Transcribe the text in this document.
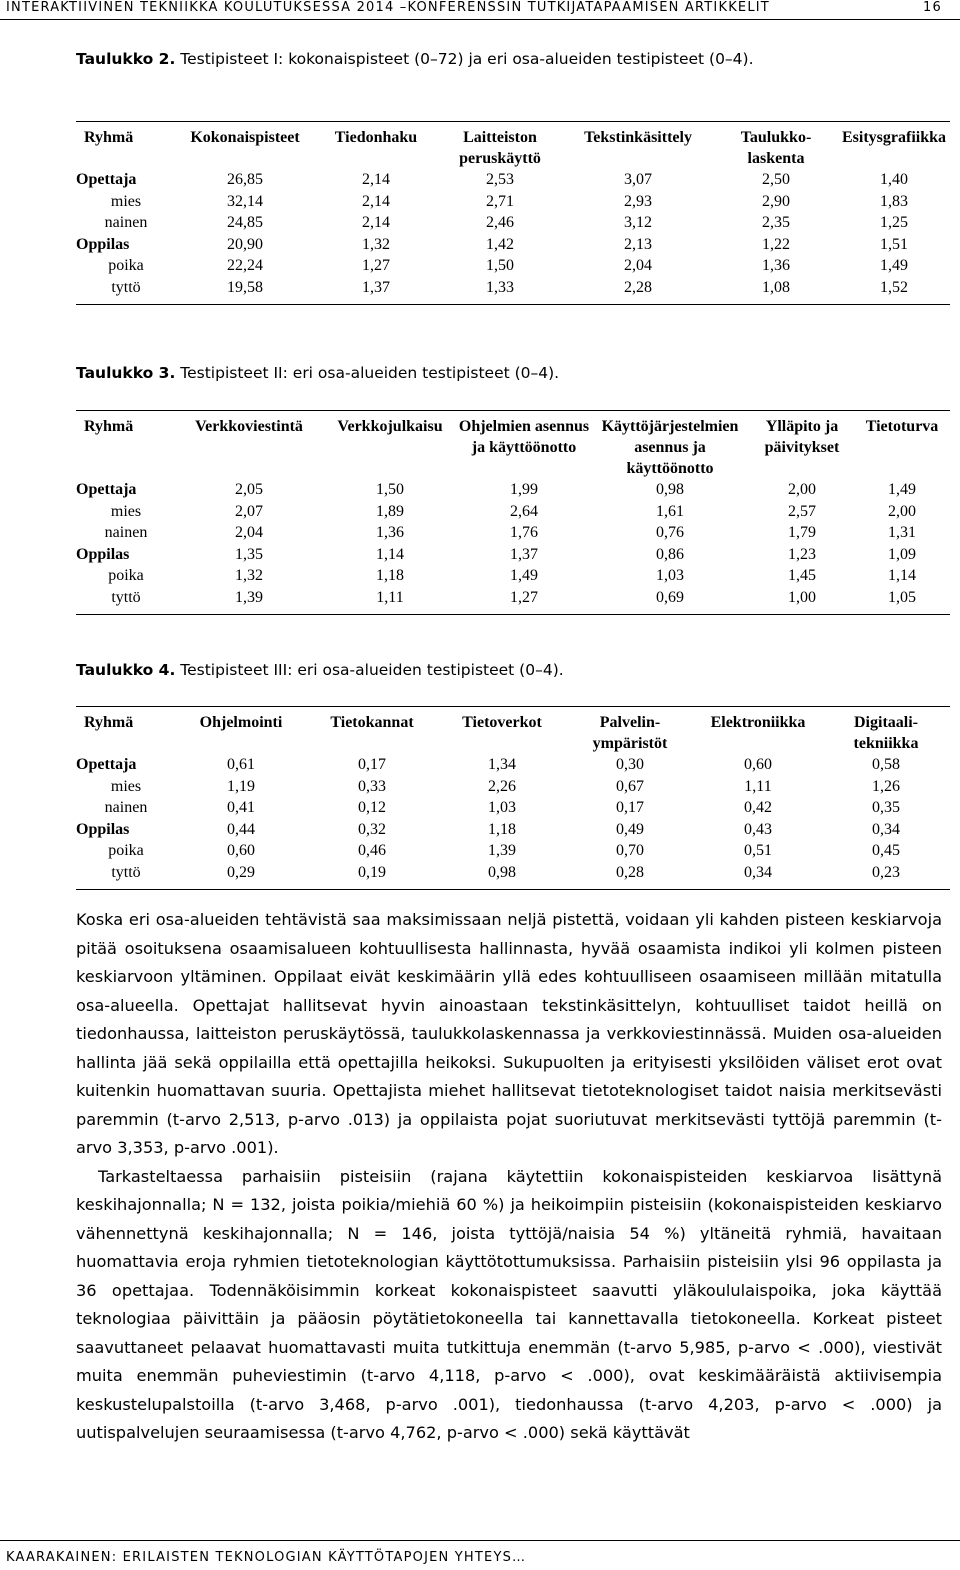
INTERAKTIIVINEN TEKNIIKKA KOULUTUKSESSA 2014 –KONFERENSSIN TUTKIJATAPAAMISEN ARTIKKELIT	16
Taulukko 2. Testipisteet I: kokonaispisteet (0–72) ja eri osa-alueiden testipisteet (0–4).
Ryhmä	Kokonaispisteet	Tiedonhaku	Laitteiston peruskäyttö	Tekstinkäsittely	Taulukko-laskenta	Esitysgrafiikka
Opettaja	26,85	2,14	2,53	3,07	2,50	1,40
mies	32,14	2,14	2,71	2,93	2,90	1,83
nainen	24,85	2,14	2,46	3,12	2,35	1,25
Oppilas	20,90	1,32	1,42	2,13	1,22	1,51
poika	22,24	1,27	1,50	2,04	1,36	1,49
tyttö	19,58	1,37	1,33	2,28	1,08	1,52
Taulukko 3. Testipisteet II: eri osa-alueiden testipisteet (0–4).
Ryhmä	Verkkoviestintä	Verkkojulkaisu	Ohjelmien asennus ja käyttöönotto	Käyttöjärjestelmien asennus ja käyttöönotto	Ylläpito ja päivitykset	Tietoturva
Opettaja	2,05	1,50	1,99	0,98	2,00	1,49
mies	2,07	1,89	2,64	1,61	2,57	2,00
nainen	2,04	1,36	1,76	0,76	1,79	1,31
Oppilas	1,35	1,14	1,37	0,86	1,23	1,09
poika	1,32	1,18	1,49	1,03	1,45	1,14
tyttö	1,39	1,11	1,27	0,69	1,00	1,05
Taulukko 4. Testipisteet III: eri osa-alueiden testipisteet (0–4).
Ryhmä	Ohjelmointi	Tietokannat	Tietoverkot	Palvelin-ympäristöt	Elektroniikka	Digitaali-tekniikka
Opettaja	0,61	0,17	1,34	0,30	0,60	0,58
mies	1,19	0,33	2,26	0,67	1,11	1,26
nainen	0,41	0,12	1,03	0,17	0,42	0,35
Oppilas	0,44	0,32	1,18	0,49	0,43	0,34
poika	0,60	0,46	1,39	0,70	0,51	0,45
tyttö	0,29	0,19	0,98	0,28	0,34	0,23

Koska eri osa-alueiden tehtävistä saa maksimissaan neljä pistettä, voidaan yli kahden pisteen keskiarvoja pitää osoituksena osaamisalueen kohtuullisesta hallinnasta, hyvää osaamista indikoi yli kolmen pisteen keskiarvoon yltäminen. Oppilaat eivät keskimäärin yllä edes kohtuulliseen osaamiseen millään mitatulla osa-alueella. Opettajat hallitsevat hyvin ainoastaan tekstinkäsittelyn, kohtuulliset taidot heillä on tiedonhaussa, laitteiston peruskäytössä, taulukkolaskennassa ja verkkoviestinnässä. Muiden osa-alueiden hallinta jää sekä oppilailla että opettajilla heikoksi. Sukupuolten ja erityisesti yksilöiden väliset erot ovat kuitenkin huomattavan suuria. Opettajista miehet hallitsevat tietoteknologiset taidot naisia merkitsevästi paremmin (t-arvo 2,513, p-arvo .013) ja oppilaista pojat suoriutuvat merkitsevästi tyttöjä paremmin (t-arvo 3,353, p-arvo .001).

Tarkasteltaessa parhaisiin pisteisiin (rajana käytettiin kokonaispisteiden keskiarvoa lisättynä keskihajonnalla; N = 132, joista poikia/miehiä 60 %) ja heikoimpiin pisteisiin (kokonaispisteiden keskiarvo vähennettynä keskihajonnalla; N = 146, joista tyttöjä/naisia 54 %) yltäneitä ryhmiä, havaitaan huomattavia eroja ryhmien tietoteknologian käyttötottumuksissa. Parhaisiin pisteisiin ylsi 96 oppilasta ja 36 opettajaa. Todennäköisimmin korkeat kokonaispisteet saavutti yläkoululaispoika, joka käyttää teknologiaa päivittäin ja pääosin pöytätietokoneella tai kannettavalla tietokoneella. Korkeat pisteet saavuttaneet pelaavat huomattavasti muita tutkittuja enemmän (t-arvo 5,985, p-arvo < .000), viestivät muita enemmän puheviestimin (t-arvo 4,118, p-arvo < .000), ovat keskimääräistä aktiivisempia keskustelupalstoilla (t-arvo 3,468, p-arvo .001), tiedonhaussa (t-arvo 4,203, p-arvo < .000) ja uutispalvelujen seuraamisessa (t-arvo 4,762, p-arvo < .000) sekä käyttävät

KAARAKAINEN: ERILAISTEN TEKNOLOGIAN KÄYTTÖTAPOJEN YHTEYS…
